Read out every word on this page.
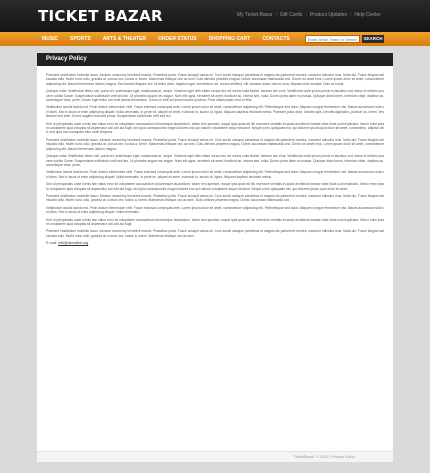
TICKET BAZAR	My Ticket Bazar | Gift Cards | Product Updates | Help Center
MUSIC	SPORTS	ARTS & THEATER	ORDER STATUS	SHOPPING CART	CONTACTS
Enter Artist, Team or Venue	SEARCH
Privacy Policy

Praesent vestibulum molestie lacus. Aenean nonummy hendrerit mauris. Phasellus porta. Fusce suscipit varius mi. Cum sociis natoque penatibus et magnis dis parturient montes, nascetur ridiculus mus. Nulla dui. Fusce feugiat malesuada odio. Morbi nunc odio, gravida at, cursus nec, luctus a, lorem. Maecenas tristique orci ac sem. Duis ultricies pharetra magna. Donec accumsan malesuada orci. Donec sit amet eros. Lorem ipsum dolor sit amet, consectetuer adipiscing elit. Mauris fermentum dictum magna. Sed laoreet aliquam leo. Ut tellus dolor, dapibus eget, elementum vel, cursus eleifend, elit. Aenean auctor wisi et urna. Aliquam erat volutpat. Duis ac turpis.

Quisque nulla. Vestibulum libero nisl, porta vel, scelerisque eget, malesuada at, neque. Vivamus eget nibh etiam cursus leo vel metus nulla facilisi. aenean nec eros. Vestibulum ante ipsum primis in faucibus orci luctus et ultrices posuere cubilia Curae; Suspendisse sollicitudin velit sed leo. Ut pharetra augue nec augue. Nam elit agna, hendrerit sit amet, tincidunt ac, viverra sed, nulla. Donec porta diam eu massa. Quisque diam lorem, interdum vitae, dapibus ac, scelerisque vitae, pede. Donec eget tellus non erat lacinia fermentum. Donec in velit vel ipsum auctor pulvinar. Proin ullamcorper urna et felis.

Vestibulum iaculis lacinia est. Proin dictum elementum velit. Fusce euismod consequat ante. Lorem ipsum dolor sit amet, consectetuer adipiscing elit. Pellentesque sed dolor. Aliquam congue fermentum nisl. Mauris accumsan nulla vel diam. Sed in lacus ut enim adipiscing aliquet. Nulla venenatis. In pede mi, aliquet sit amet, euismod in, auctor ut, ligula. Aliquam dapibus tincidunt metus. Praesent justo dolor, lobortis quis, lobortis dignissim, pulvinar ac, lorem. Vestibulum sed ante. Donec sagittis euismod purus. Suspendisse sollicitudin velit sed leo.

Sed ut perspiciatis unde omnis iste natus error sit voluptatem accusantium doloremque laudantium, totam rem aperiam, eaque ipsa quae ab illo inventore veritatis et quasi architecto beatae vitae dicta sunt explicabo. Nemo enim ipsam voluptatem quia voluptas sit aspernatur aut odit aut fugit, sed quia consequuntur magni dolores eos qui ratione voluptatem sequi nesciunt. Neque porro quisquam est, qui dolorem ipsum quia dolor sit amet, consectetur, adipisci velit, sed quia non numquam eius modi tempora.

Praesent vestibulum molestie lacus. Aenean nonummy hendrerit mauris. Phasellus porta. Fusce suscipit varius mi. Cum sociis natoque penatibus et magnis dis parturient montes, nascetur ridiculus mus. Nulla dui. Fusce feugiat malesuada odio. Morbi nunc odio, gravida at, cursus nec, luctus a, lorem. Maecenas tristique orci ac sem. Duis ultricies pharetra magna. Donec accumsan malesuada orci. Donec sit amet eros. Lorem ipsum dolor sit amet, consectetuer adipiscing elit. Mauris fermentum dictum magna.

Quisque nulla. Vestibulum libero nisl, porta vel, scelerisque eget, malesuada at, neque. Vivamus eget nibh etiam cursus leo vel metus nulla facilisi. aenean nec eros. Vestibulum ante ipsum primis in faucibus orci luctus et ultrices posuere cubilia Curae; Suspendisse sollicitudin velit sed leo. Ut pharetra augue nec augue. Nam elit agna, hendrerit sit amet, tincidunt ac, viverra sed, nulla. Donec porta diam eu massa. Quisque diam lorem, interdum vitae, dapibus ac, scelerisque vitae, pede.

Vestibulum iaculis lacinia est. Proin dictum elementum velit. Fusce euismod consequat ante. Lorem ipsum dolor sit amet, consectetuer adipiscing elit. Pellentesque sed dolor. Aliquam congue fermentum nisl. Mauris accumsan nulla vel diam. Sed in lacus ut enim adipiscing aliquet. Nulla venenatis. In pede mi, aliquet sit amet, euismod in, auctor ut, ligula. Aliquam dapibus tincidunt metus.

Sed ut perspiciatis unde omnis iste natus error sit voluptatem accusantium doloremque laudantium, totam rem aperiam, eaque ipsa quae ab illo inventore veritatis et quasi architecto beatae vitae dicta sunt explicabo. Nemo enim ipsam voluptatem quia voluptas sit aspernatur aut odit aut fugit, sed quia consequuntur magni dolores eos qui ratione voluptatem sequi nesciunt. Neque porro quisquam est, qui dolorem ipsum quia dolor sit amet.

Praesent vestibulum molestie lacus. Aenean nonummy hendrerit mauris. Phasellus porta. Fusce suscipit varius mi. Cum sociis natoque penatibus et magnis dis parturient montes, nascetur ridiculus mus. Nulla dui. Fusce feugiat malesuada odio. Morbi nunc odio, gravida at, cursus nec, luctus a, lorem. Maecenas tristique orci ac sem. Duis ultricies pharetra magna. Donec accumsan malesuada orci.

Vestibulum iaculis lacinia est. Proin dictum elementum velit. Fusce euismod consequat ante. Lorem ipsum dolor sit amet, consectetuer adipiscing elit. Pellentesque sed dolor. Aliquam congue fermentum nisl. Mauris accumsan nulla vel diam. Sed in lacus ut enim adipiscing aliquet. Nulla venenatis.

Sed ut perspiciatis unde omnis iste natus error sit voluptatem accusantium doloremque laudantium, totam rem aperiam, eaque ipsa quae ab illo inventore veritatis et quasi architecto beatae vitae dicta sunt explicabo. Nemo enim ipsam voluptatem quia voluptas sit aspernatur aut odit aut fugit.

Praesent vestibulum molestie lacus. Aenean nonummy hendrerit mauris. Phasellus porta. Fusce suscipit varius mi. Cum sociis natoque penatibus et magnis dis parturient montes, nascetur ridiculus mus. Nulla dui. Fusce feugiat malesuada odio. Morbi nunc odio, gravida at, cursus nec, luctus a, lorem. Maecenas tristique orci ac sem.

E-mail: info@demolink.org
"TicketBazar" © 2011 | Privacy Policy
